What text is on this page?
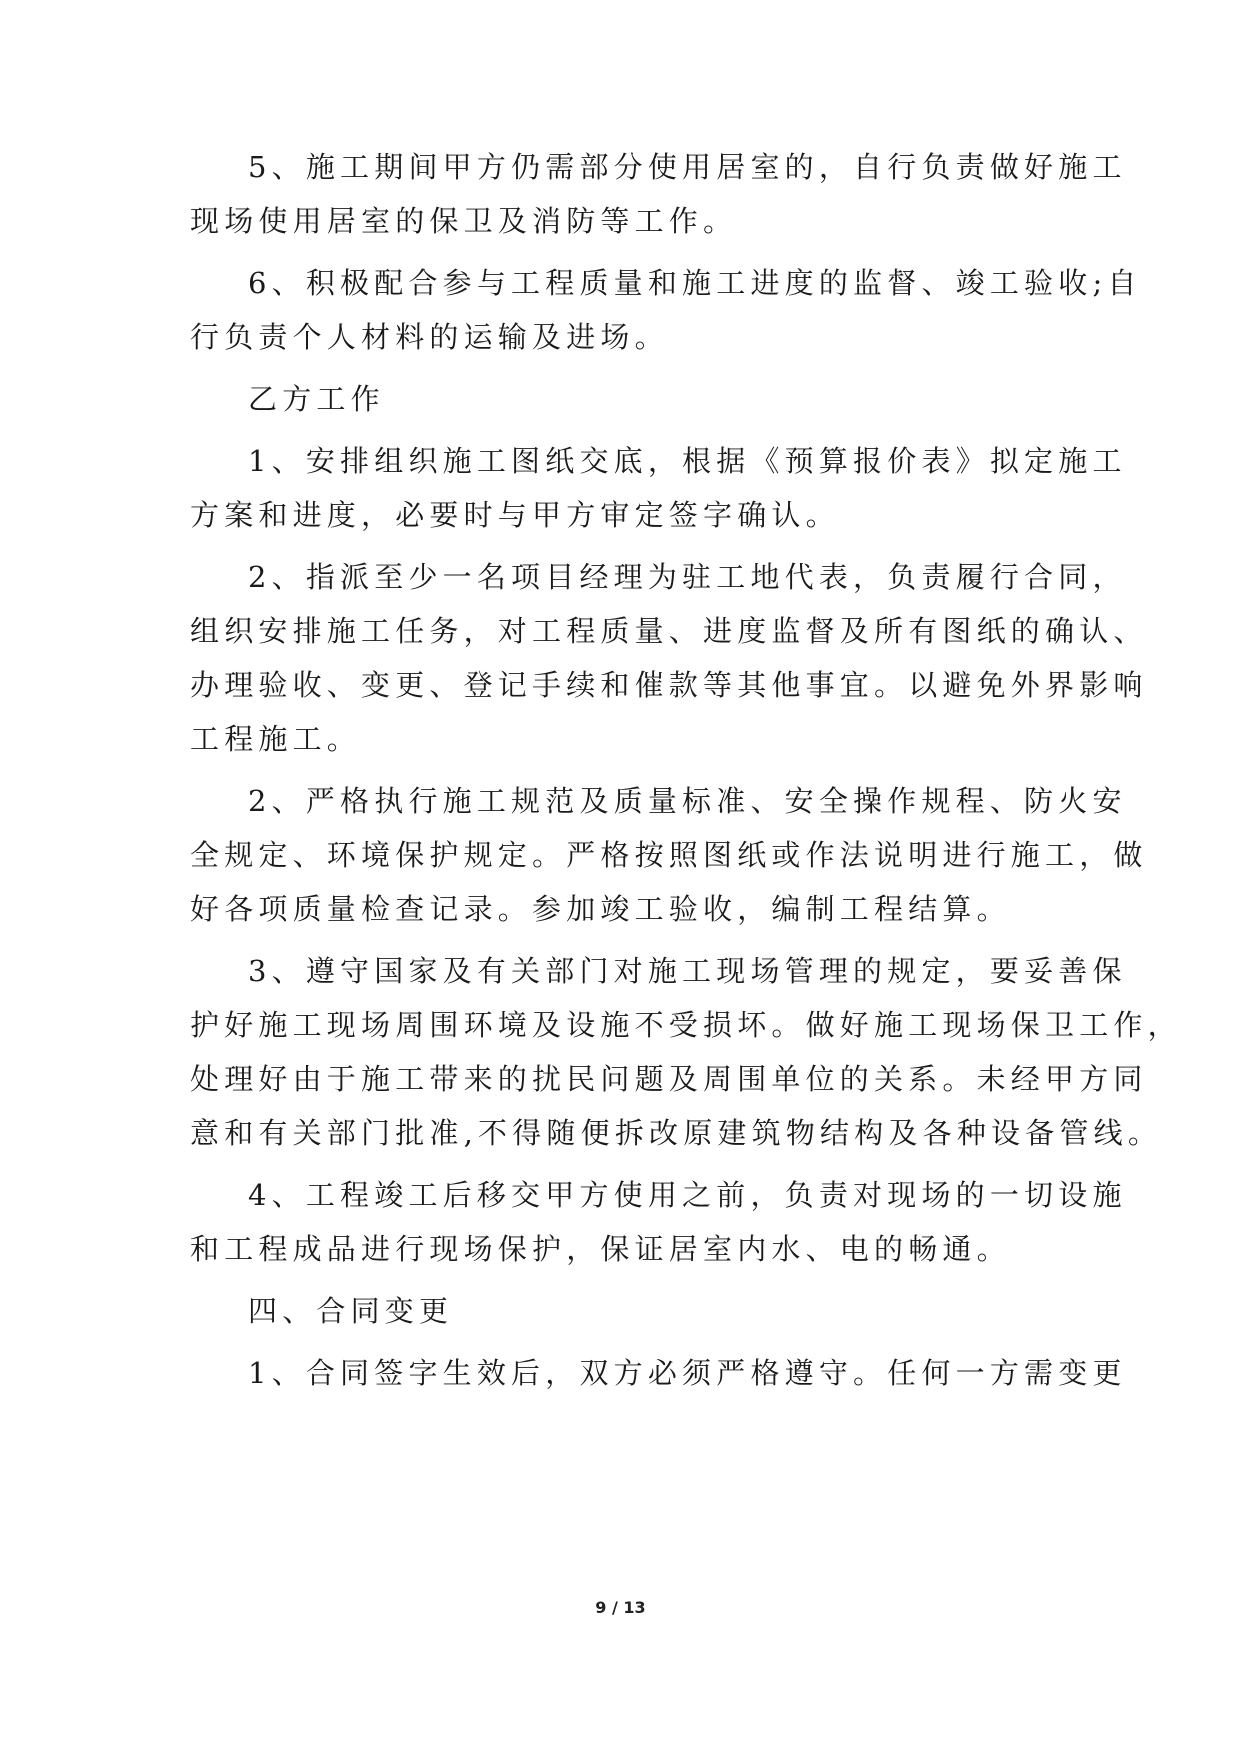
5、施工期间甲方仍需部分使用居室的，自行负责做好施工
现场使用居室的保卫及消防等工作。
6、积极配合参与工程质量和施工进度的监督、竣工验收;自
行负责个人材料的运输及进场。
乙方工作
1、安排组织施工图纸交底，根据《预算报价表》拟定施工
方案和进度，必要时与甲方审定签字确认。
2、指派至少一名项目经理为驻工地代表，负责履行合同，
组织安排施工任务，对工程质量、进度监督及所有图纸的确认、
办理验收、变更、登记手续和催款等其他事宜。以避免外界影响
工程施工。
2、严格执行施工规范及质量标准、安全操作规程、防火安
全规定、环境保护规定。严格按照图纸或作法说明进行施工，做
好各项质量检查记录。参加竣工验收，编制工程结算。
3、遵守国家及有关部门对施工现场管理的规定，要妥善保
护好施工现场周围环境及设施不受损坏。做好施工现场保卫工作，
处理好由于施工带来的扰民问题及周围单位的关系。未经甲方同
意和有关部门批准,不得随便拆改原建筑物结构及各种设备管线。
4、工程竣工后移交甲方使用之前，负责对现场的一切设施
和工程成品进行现场保护，保证居室内水、电的畅通。
四、合同变更
1、合同签字生效后，双方必须严格遵守。任何一方需变更
9 / 13
